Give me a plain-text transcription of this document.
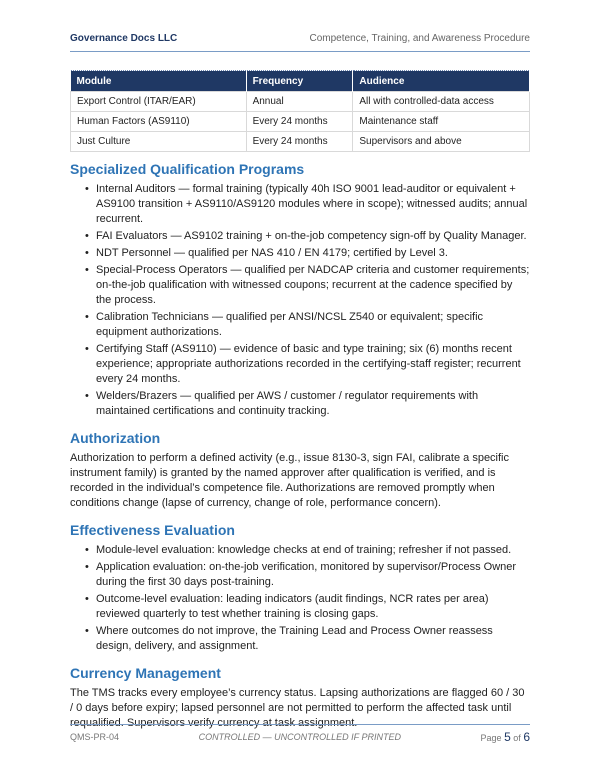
Governance Docs LLC	Competence, Training, and Awareness Procedure
Module	Frequency	Audience
Export Control (ITAR/EAR)	Annual	All with controlled-data access
Human Factors (AS9110)	Every 24 months	Maintenance staff
Just Culture	Every 24 months	Supervisors and above
Specialized Qualification Programs
• Internal Auditors — formal training (typically 40h ISO 9001 lead-auditor or equivalent + AS9100 transition + AS9110/AS9120 modules where in scope); witnessed audits; annual recurrent.
• FAI Evaluators — AS9102 training + on-the-job competency sign-off by Quality Manager.
• NDT Personnel — qualified per NAS 410 / EN 4179; certified by Level 3.
• Special-Process Operators — qualified per NADCAP criteria and customer requirements; on-the-job qualification with witnessed coupons; recurrent at the cadence specified by the process.
• Calibration Technicians — qualified per ANSI/NCSL Z540 or equivalent; specific equipment authorizations.
• Certifying Staff (AS9110) — evidence of basic and type training; six (6) months recent experience; appropriate authorizations recorded in the certifying-staff register; recurrent every 24 months.
• Welders/Brazers — qualified per AWS / customer / regulator requirements with maintained certifications and continuity tracking.
Authorization

Authorization to perform a defined activity (e.g., issue 8130-3, sign FAI, calibrate a specific instrument family) is granted by the named approver after qualification is verified, and is recorded in the individual’s competence file. Authorizations are removed promptly when conditions change (lapse of currency, change of role, performance concern).

Effectiveness Evaluation
• Module-level evaluation: knowledge checks at end of training; refresher if not passed.
• Application evaluation: on-the-job verification, monitored by supervisor/Process Owner during the first 30 days post-training.
• Outcome-level evaluation: leading indicators (audit findings, NCR rates per area) reviewed quarterly to test whether training is closing gaps.
• Where outcomes do not improve, the Training Lead and Process Owner reassess design, delivery, and assignment.
Currency Management

The TMS tracks every employee’s currency status. Lapsing authorizations are flagged 60 / 30 / 0 days before expiry; lapsed personnel are not permitted to perform the affected task until requalified. Supervisors verify currency at task assignment.

QMS-PR-04	CONTROLLED — UNCONTROLLED IF PRINTED	Page 5 of 6
